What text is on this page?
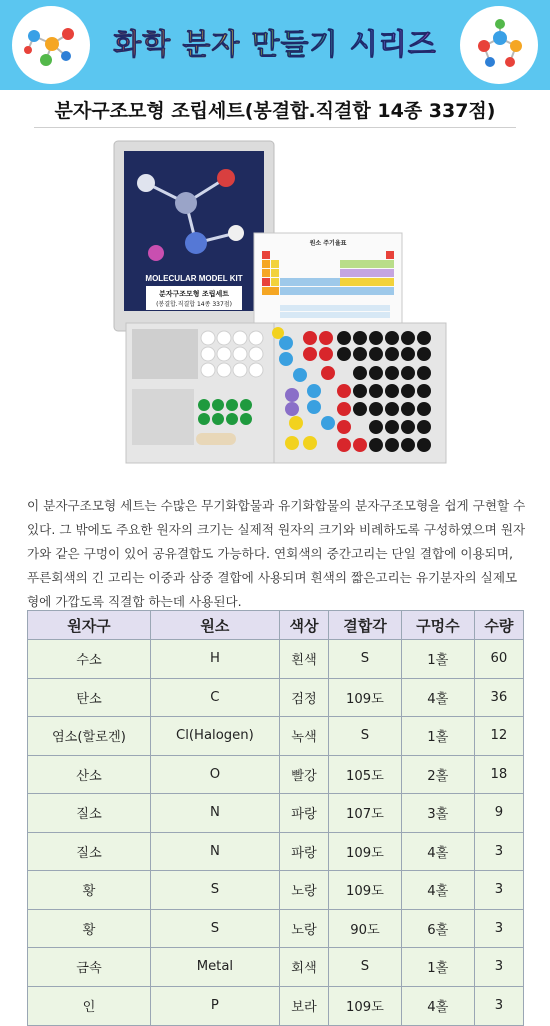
화학 분자 만들기 시리즈
분자구조모형 조립세트(봉결합.직결합 14종 337점)
MOLECULAR MODEL KIT
분자구조모형 조립세트
(봉결합.직결합 14종 337점)
원소 주기율표

이 분자구조모형 세트는 수많은 무기화합물과 유기화합물의 분자구조모형을 쉽게 구현할 수 있다. 그 밖에도 주요한 원자의 크기는 실제적 원자의 크기와 비례하도록 구성하였으며 원자가와 같은 구멍이 있어 공유결합도 가능하다. 연회색의 중간고리는 단일 결합에 이용되며, 푸른회색의 긴 고리는 이중과 삼중 결합에 사용되며 흰색의 짧은고리는 유기분자의 실제모형에 가깝도록 직결합 하는데 사용된다.

원자구	원소	색상	결합각	구멍수	수량
수소	H	흰색	S	1홀	60
탄소	C	검정	109도	4홀	36
염소(할로겐)	Cl(Halogen)	녹색	S	1홀	12
산소	O	빨강	105도	2홀	18
질소	N	파랑	107도	3홀	9
질소	N	파랑	109도	4홀	3
황	S	노랑	109도	4홀	3
황	S	노랑	90도	6홀	3
금속	Metal	회색	S	1홀	3
인	P	보라	109도	4홀	3
